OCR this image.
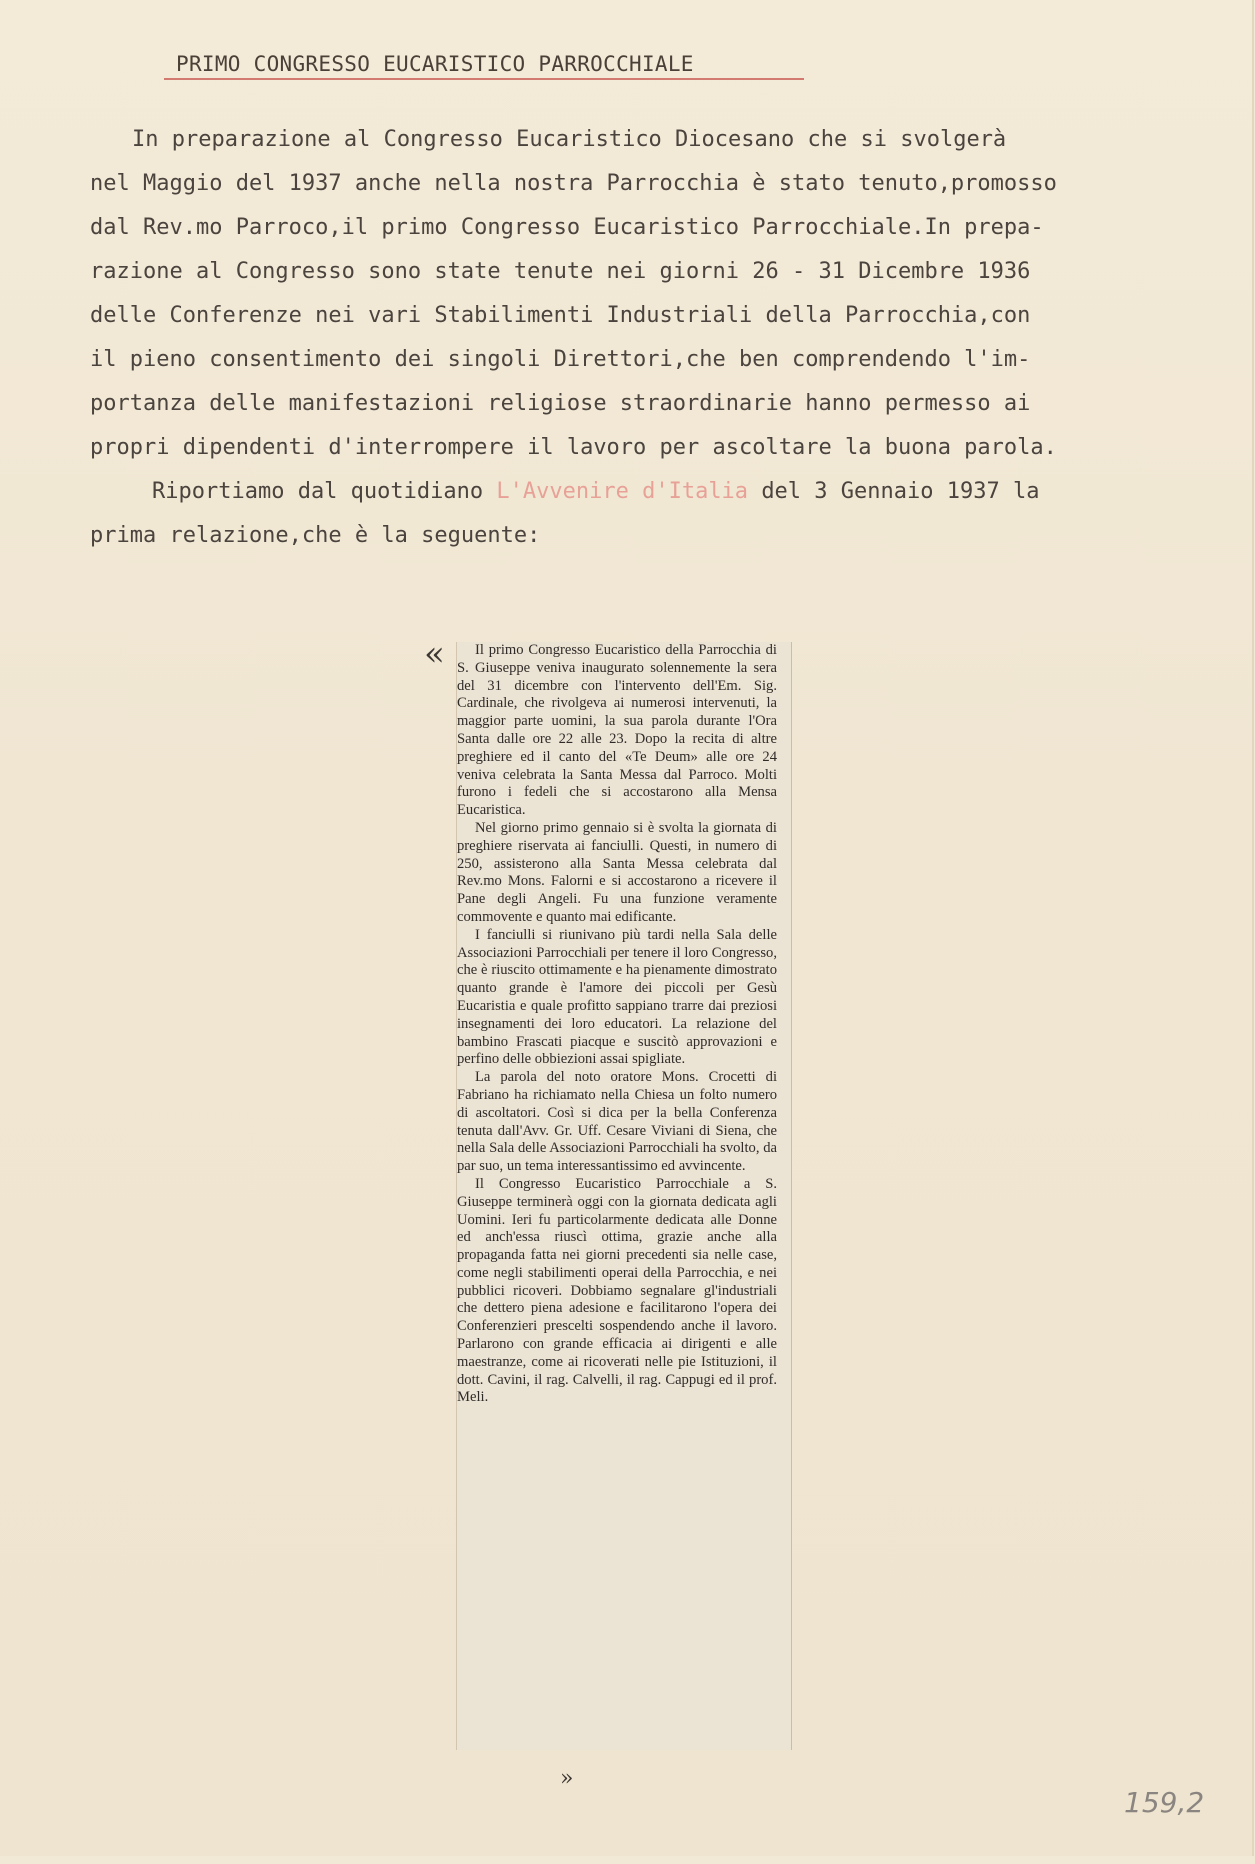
PRIMO CONGRESSO EUCARISTICO PARROCCHIALE
In preparazione al Congresso Eucaristico Diocesano che si svolgerà
nel Maggio del 1937 anche nella nostra Parrocchia è stato tenuto,promosso
dal Rev.mo Parroco,il primo Congresso Eucaristico Parrocchiale.In prepa-
razione al Congresso sono state tenute nei giorni 26 - 31 Dicembre 1936
delle Conferenze nei vari Stabilimenti Industriali della Parrocchia,con
il pieno consentimento dei singoli Direttori,che ben comprendendo l'im-
portanza delle manifestazioni religiose straordinarie hanno permesso ai
propri dipendenti d'interrompere il lavoro per ascoltare la buona parola.
Riportiamo dal quotidiano L'Avvenire d'Italia del 3 Gennaio 1937 la
prima relazione,che è la seguente:
«	Il primo Congresso Eucaristico della Parrocchia di S. Giuseppe veniva inaugurato solennemente la sera del 31 dicembre con l'intervento dell'Em. Sig. Cardinale, che rivolgeva ai numerosi intervenuti, la maggior parte uomini, la sua parola durante l'Ora Santa dalle ore 22 alle 23. Dopo la recita di altre preghiere ed il canto del «Te Deum» alle ore 24 veniva celebrata la Santa Messa dal Parroco. Molti furono i fedeli che si accostarono alla Mensa Eucaristica.

Nel giorno primo gennaio si è svolta la giornata di preghiere riservata ai fanciulli. Questi, in numero di 250, assisterono alla Santa Messa celebrata dal Rev.mo Mons. Falorni e si accostarono a ricevere il Pane degli Angeli. Fu una funzione veramente commovente e quanto mai edificante.

I fanciulli si riunivano più tardi nella Sala delle Associazioni Parrocchiali per tenere il loro Congresso, che è riuscito ottimamente e ha pienamente dimostrato quanto grande è l'amore dei piccoli per Gesù Eucaristia e quale profitto sappiano trarre dai preziosi insegnamenti dei loro educatori. La relazione del bambino Frascati piacque e suscitò approvazioni e perfino delle obbiezioni assai spigliate.

La parola del noto oratore Mons. Crocetti di Fabriano ha richiamato nella Chiesa un folto numero di ascoltatori. Così si dica per la bella Conferenza tenuta dall'Avv. Gr. Uff. Cesare Viviani di Siena, che nella Sala delle Associazioni Parrocchiali ha svolto, da par suo, un tema interessantissimo ed avvincente.

Il Congresso Eucaristico Parrocchiale a S. Giuseppe terminerà oggi con la giornata dedicata agli Uomini. Ieri fu particolarmente dedicata alle Donne ed anch'essa riuscì ottima, grazie anche alla propaganda fatta nei giorni precedenti sia nelle case, come negli stabilimenti operai della Parrocchia, e nei pubblici ricoveri. Dobbiamo segnalare gl'industriali che dettero piena adesione e facilitarono l'opera dei Conferenzieri prescelti sospendendo anche il lavoro. Parlarono con grande efficacia ai dirigenti e alle maestranze, come ai ricoverati nelle pie Istituzioni, il dott. Cavini, il rag. Calvelli, il rag. Cappugi ed il prof. Meli.

»
159,2
